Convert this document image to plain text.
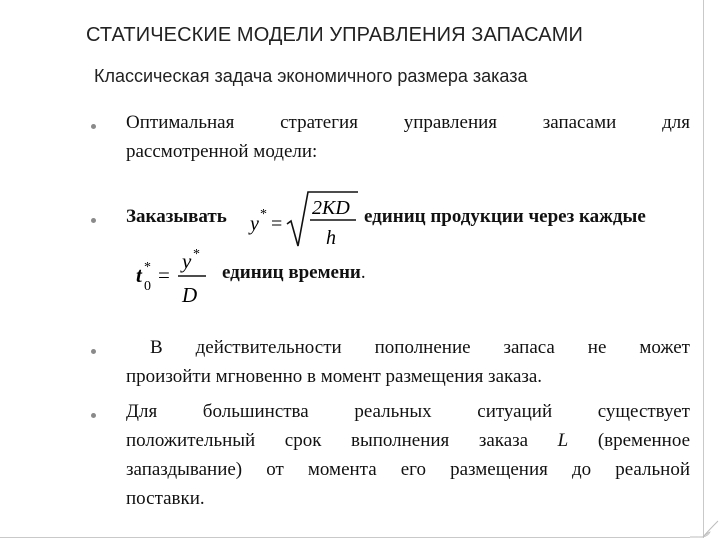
СТАТИЧЕСКИЕ МОДЕЛИ УПРАВЛЕНИЯ ЗАПАСАМИ
Классическая задача экономичного размера заказа
Оптимальная стратегия управления запасами для
рассмотренной модели:
Заказывать y * =
2KD
h
единиц продукции через каждые
t *
0 =
y *
D
единиц времени.
В действительности пополнение запаса не может
произойти мгновенно в момент размещения заказа.
Для большинства реальных ситуаций существует
положительный срок выполнения заказа L (временное
запаздывание) от момента его размещения до реальной
поставки.
